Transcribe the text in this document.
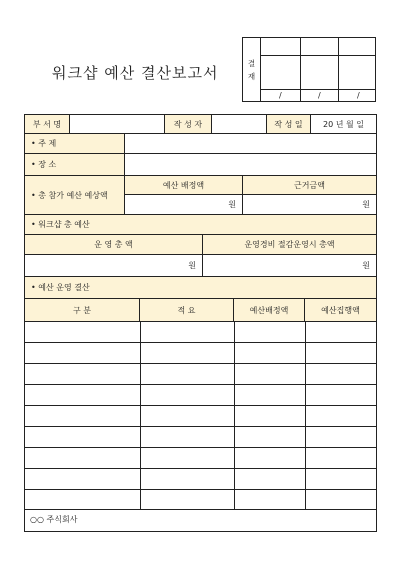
워크샵 예산 결산보고서
결
재
/	/	/
부 서 명	작 성 자	작 성 일	20 년 월 일
• 주 제
• 장 소
• 총 참가 예산 예상액
예산 배정액	근거금액
원	원
• 워크샵 총 예산
운 영 총 액	운영경비 절감운영시 총액
원	원
• 예산 운영 결산
구 분	적 요	예산배정액	예산집행액
○○ 주식회사
